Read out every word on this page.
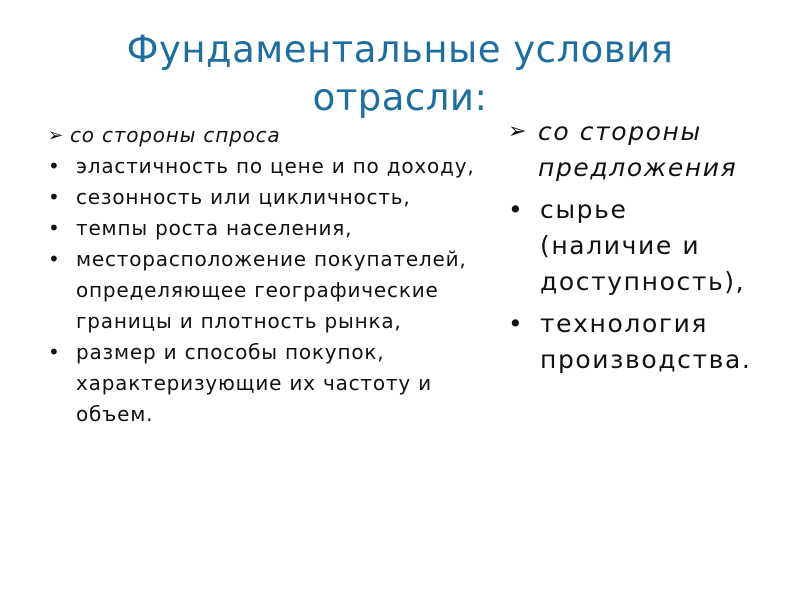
Фундаментальные условия отрасли:
➢ со стороны спроса
• эластичность по цене и по доходу,
• сезонность или цикличность,
• темпы роста населения,
• месторасположение покупателей, определяющее географические границы и плотность рынка,
• размер и способы покупок, характеризующие их частоту и объем.
➢ со стороны предложения
• сырье (наличие и доступность),
• технология производства.
